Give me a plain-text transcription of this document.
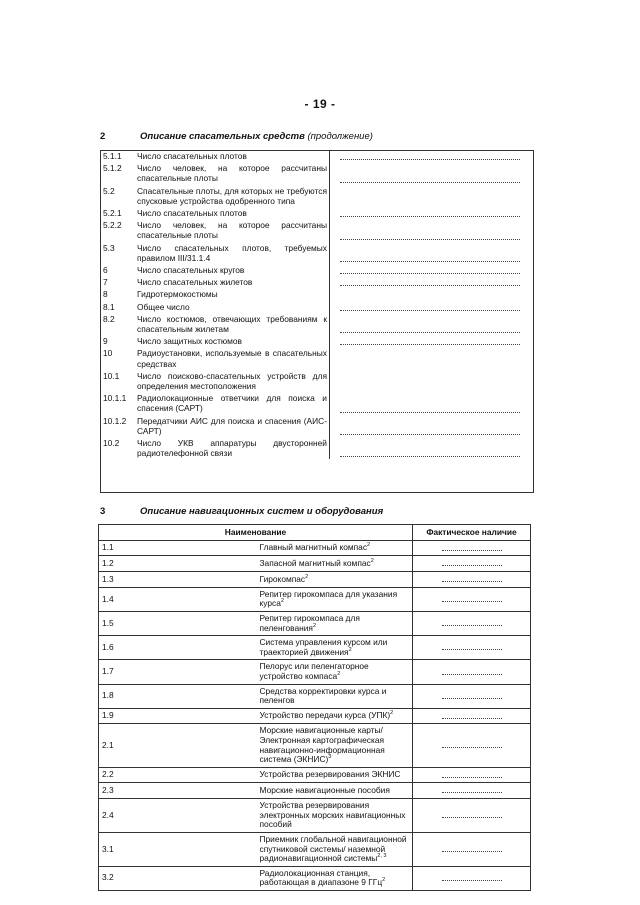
- 19 -
2	Описание спасательных средств (продолжение)
5.1.1	Число спасательных плотов	

5.1.2	Число человек, на которое рассчитаны спасательные плоты	

5.2	Спасательные плоты, для которых не требуются спусковые устройства одобренного типа	
5.2.1	Число спасательных плотов	

5.2.2	Число человек, на которое рассчитаны спасательные плоты	

5.3	Число спасательных плотов, требуемых правилом III/31.1.4	

6	Число спасательных кругов	

7	Число спасательных жилетов	

8	Гидротермокостюмы	
8.1	Общее число	

8.2	Число костюмов, отвечающих требованиям к спасательным жилетам	

9	Число защитных костюмов	

10	Радиоустановки, используемые в спасательных средствах	
10.1	Число поисково-спасательных устройств для определения местоположения	
10.1.1	Радиолокационные ответчики для поиска и спасения (САРТ)	

10.1.2	Передатчики АИС для поиска и спасения (АИС-САРТ)	

10.2	Число УКВ аппаратуры двусторонней радиотелефонной связи	
3	Описание навигационных систем и оборудования
Наименование		Фактическое наличие
1.1	Главный магнитный компас$^2$	
1.2	Запасной магнитный компас$^2$	
1.3	Гирокомпас$^2$	
1.4	Репитер гирокомпаса для указания курса$^2$	
1.5	Репитер гирокомпаса для пеленгования$^2$	
1.6	Система управления курсом или траекторией движения$^2$	
1.7	Пелорус или пеленгаторное устройство компаса$^2$	
1.8	Средства корректировки курса и пеленгов	
1.9	Устройство передачи курса (УПК)$^2$	
2.1	Морские навигационные карты/Электронная картографическая навигационно-информационная система (ЭКНИС)$^3$	
2.2	Устройства резервирования ЭКНИС	
2.3	Морские навигационные пособия	
2.4	Устройства резервирования электронных морских навигационных пособий	
3.1	Приемник глобальной навигационной спутниковой системы/ наземной радионавигационной системы$^{2, 3}$	
3.2	Радиолокационная станция, работающая в диапазоне 9 ГГц$^2$	
